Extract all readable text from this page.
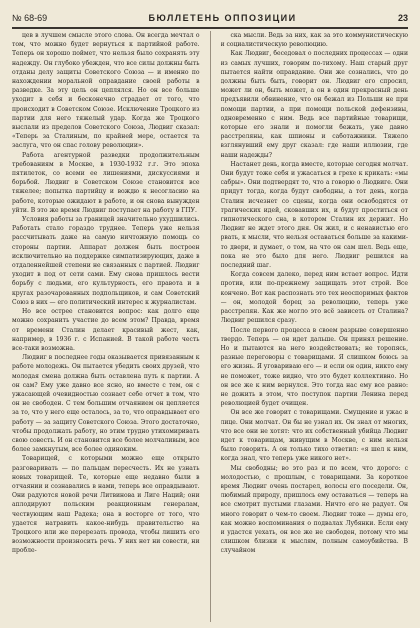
№ 68-69	БЮЛЛЕТЕНЬ ОППОЗИЦИИ	23

цев в лучшем смысле этого слова. Он всегда мечтал о том, что можно будет вернуться к партийной работе. Теперь он хорошо поймет, что нельзя было сохранять эту надежду. Он глубоко убежден, что все силы должны быть отданы делу защиты Советского Союза — и именно по нахождении моральной оправдание своей работы в разведке. За эту цель он цеплялся. Но он все больше уходит в себя и бесконечно страдает от того, что происходит в Советском Союзе. Исключение Троцкого из партии для него тяжелый удар. Когда же Троцкого выслали из пределов Советского Союза, Людвиг сказал: «Теперь за Сталиным, по крайней мере, остается та заслуга, что он спас голову революции».

Работа агентурной разведки продолжительным требованиям в Москве, в 1930-1932 г.г. Это эпоха пятилеток, со всеми ее лишениями, дискуссиями и борьбой. Людвиг в Советском Союзе становится все тяжелее; попытка партийцу и вождю к несогласию на работе, которые ожидают в работе, и он снова вынужден уйти. В это же время Людвиг поступает на работу в ГПУ.

Условия работы за границей значительно ухудшились. Работать стало гораздо труднее. Теперь уже нельзя рассчитывать даже на самую ничтожную помощь со стороны партии. Аппарат должен быть построен исключительно на поддержке симпатизирующих, даже в отдаленнейшей степени не связанных с партией. Людвиг уходит в под от сети сами. Ему снова пришлось вести борьбу с людьми, его культурность, его правота и в кругах разочарованных подпольщиков, и сам Советский Союз в них — его политический интерес к журналистам.

Но все острее становится вопрос: как долго еще можно сохранить участие до всем этом? Правда, время от времени Сталин делает красивый жест, как, например, в 1936 г. с Испанией. В такой работе честь все-таки возможна.

Людвиг в последнее годы оказывается привязанным к работе молодежь. Он пытается убедить своих друзей, что молодая смена должна быть оставлена путь к партии. А он сам? Ему уже давно все ясно, но вместе с тем, он с ужасающей очевидностью сознает себе отчет в том, что он не свободен. С тем большим отчаянием он цепляется за то, что у него еще осталось, за то, что оправдывает его работу — за защиту Советского Союза. Этого достаточно, чтобы продолжать работу, но этим трудно утихомиривать свою совесть. И он становится все более молчаливым, все более замкнутым, все более одиноким.

Товарищей, с которыми можно еще открыто разговаривать — по пальцам пересчесть. Их не узнать новых товарищей. Те, которые еще недавно были в отчаянии и сознавались в нами, теперь все оправдывают. Они радуются новой речи Литвинова и Лиге Наций; они аплодируют польским реакционным генералам, чествующим наш Радека; она в восторге от того, что удается натравить какое-нибудь правительство на Троцкого или же перерезать провода, чтобы лишить его возможности произносить речь. У них нет ни совести, ни пробле-

ска мысли. Ведь за них, как за это коммунистическую и социалистическую революцию.

Как Людвиг, беседовал о последних процессах — одни из самых лучших, говорим по-тихому. Наш старый друг пытается найти оправдание. Они же сознались, что до должны быть быть, говорит он. Людвиг его спросил, может ли он, быть может, а он в один прекрасный день предъявили обвинение, что он бежал из Польши не при помощи партии, а при помощи польской дефензивы, одновременно с ним. Ведь все партийные товарищи, которые его знали и помогли бежать, уже давно расстреляны, как шпионы и саботажники. Тяжело взглянувший ему друг сказал: где наши иллюзии, где наши надежды?

Настанет день, когда вместе, которые сегодня молчат. Они будут тоже себя и ужасаться в грехе к крикать: «мы сабры». Они подтвердят то, что а говорю о Людвиге. Они придут тогда, когда будут свободны, а тот день, когда Сталин исчезнет со сцены, когда они освободятся от трагических идей, сковавших их, и будут проститься от гипнотического сна, в котором Сталин их держит. Но Людвиг не ждет этого дня. Он жил, и с ненавистью его рвать, к мысли, что нельзя оставаться больше за какими-то двери, и думает, о том, на что он сам шел. Ведь еще, пока не это было для него. Людвиг решился на последний шаг.

Когда совсем далеко, перед ним встает вопрос. Идти против, или по-прежнему защищать этот строй. Все кончено. Вот как распознать это тех неоспоримых фактов — он, молодой борец за революцию, теперь уже расстрелян. Как же могло это всё зависеть от Сталина? Людвиг решился сразу.

После первого процесса в своем разрыве совершенно твердо. Теперь — он идет дальше. Он принял решение. Но и пытаются на него воздействовать; не торопясь, разные переговоры с товарищами. Я слишком боюсь за его жизнь. Я уговариваю его — и если он один, никто ему не поможет, тоже видно, что это будет коллективно. Но он все же к ним вернулся. Это тогда нас ему все равно: не дожить в этом, что поступок партии Ленина перед революцией будет очищен.

Он все же говорит с товарищами. Смущение и ужас в лице. Они молчат. Он бы не узнал их. Он знал от многих, что все они не хотят: что их собственный убийца Людвиг идет к товарищам, живущим в Москве, с ним нельзя было говорить. А он только тихо ответил: «я шел к ним, когда знал, что теперь уже никого нет».

Мы свободны; во это раз и по всем, что дорого: с молодостью, с прошлым, с товарищами. За короткое время Людвиг очень постарел, волосы его поседели. Он, любимый природу, пришлось ему оставаться — теперь на все смотрит пустыми глазами. Ничто его не радует. Он много говорит о чем-то своем. Людвиг тоже — думы его, как можно воспоминания о подвалах Лубянки. Если ему и удастся уехать, он все же не свободен, потому что мы слишком близки к мыслям, полным самоубийства. В случайном
